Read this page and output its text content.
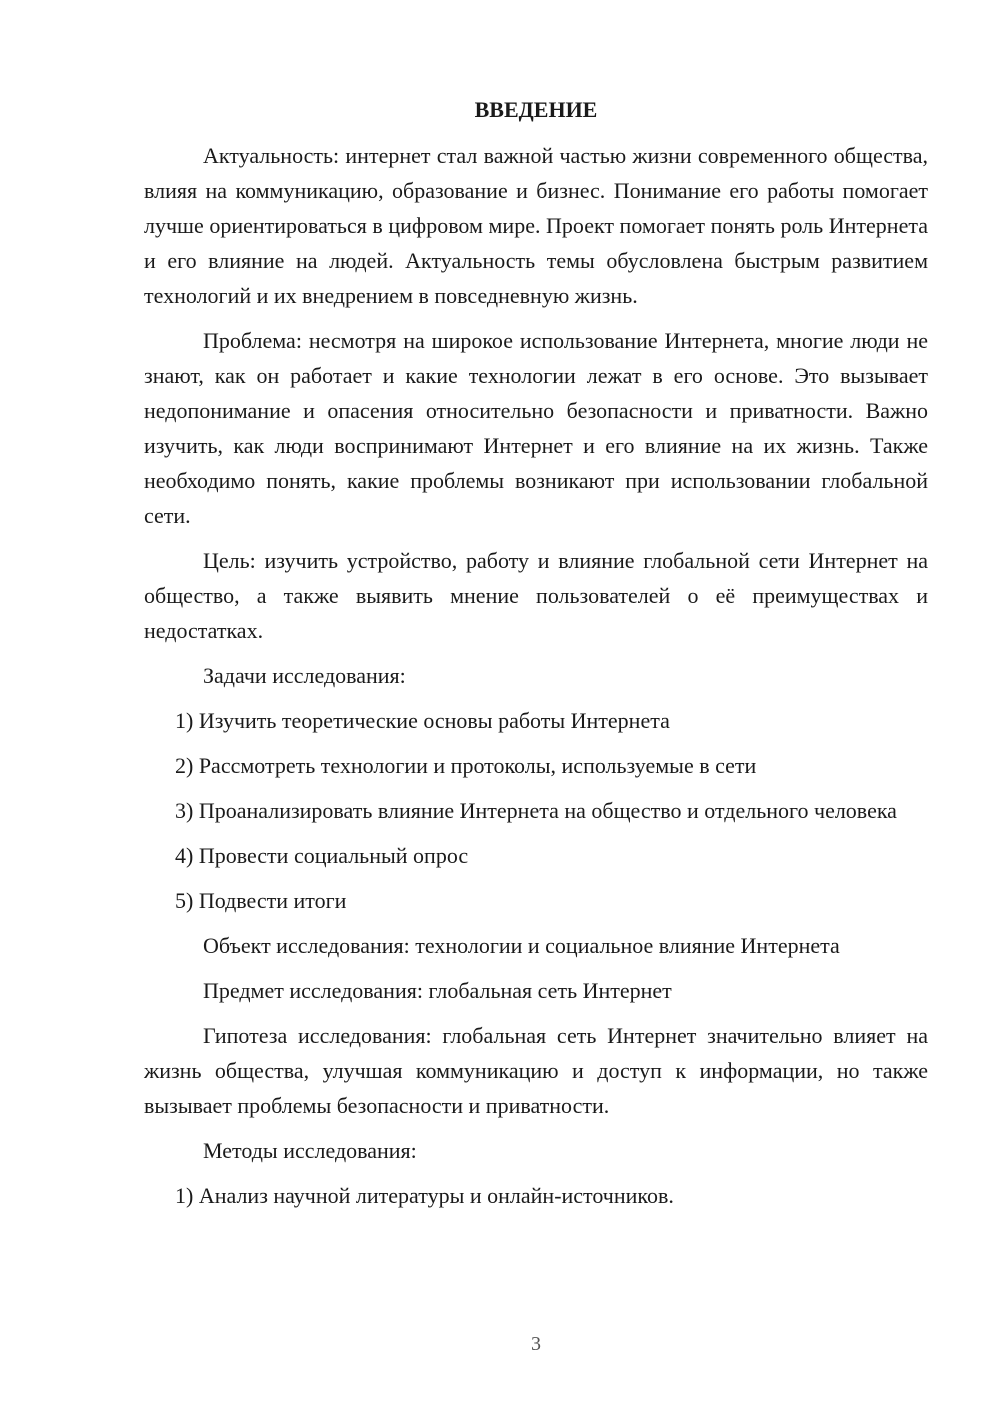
ВВЕДЕНИЕ

Актуальность: интернет стал важной частью жизни современного общества, влияя на коммуникацию, образование и бизнес. Понимание его работы помогает лучше ориентироваться в цифровом мире. Проект помогает понять роль Интернета и его влияние на людей. Актуальность темы обусловлена быстрым развитием технологий и их внедрением в повседневную жизнь.

Проблема: несмотря на широкое использование Интернета, многие люди не знают, как он работает и какие технологии лежат в его основе. Это вызывает недопонимание и опасения относительно безопасности и приватности. Важно изучить, как люди воспринимают Интернет и его влияние на их жизнь. Также необходимо понять, какие проблемы возникают при использовании глобальной сети.

Цель: изучить устройство, работу и влияние глобальной сети Интернет на общество, а также выявить мнение пользователей о её преимуществах и недостатках.

Задачи исследования:

1) Изучить теоретические основы работы Интернета

2) Рассмотреть технологии и протоколы, используемые в сети

3) Проанализировать влияние Интернета на общество и отдельного человека

4) Провести социальный опрос

5) Подвести итоги

Объект исследования: технологии и социальное влияние Интернета

Предмет исследования: глобальная сеть Интернет

Гипотеза исследования: глобальная сеть Интернет значительно влияет на жизнь общества, улучшая коммуникацию и доступ к информации, но также вызывает проблемы безопасности и приватности.

Методы исследования:

1) Анализ научной литературы и онлайн-источников.

3
